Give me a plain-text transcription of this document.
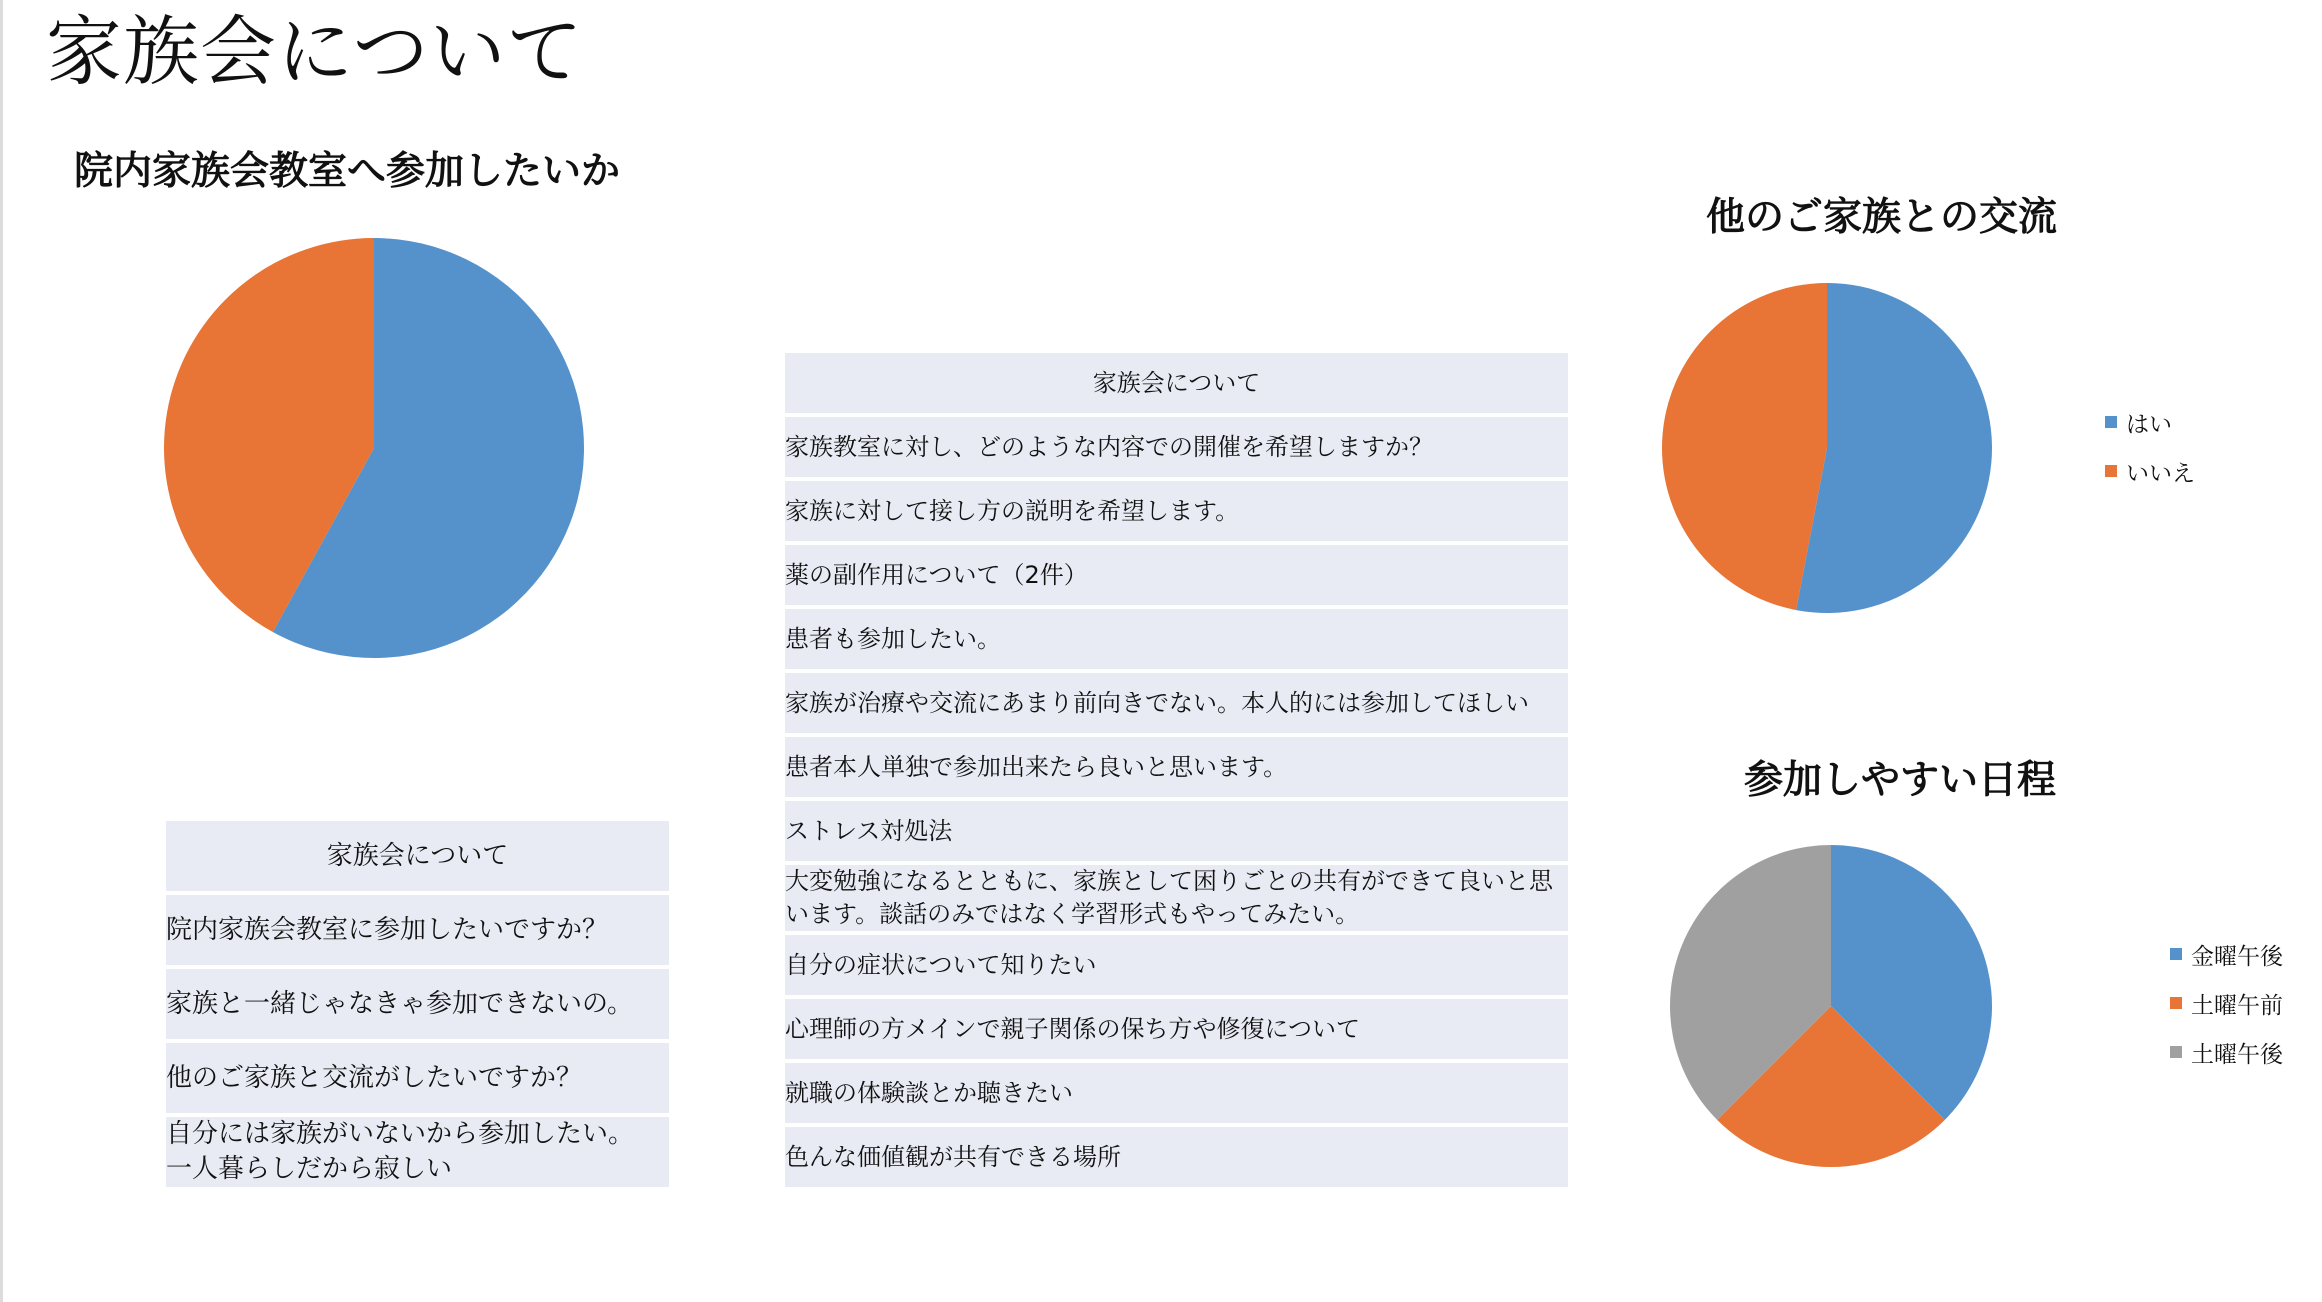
家族会について
院内家族会教室へ参加したいか
他のご家族との交流
はい
いいえ
参加しやすい日程
金曜午後
土曜午前
土曜午後
家族会について
院内家族会教室に参加したいですか？
家族と一緒じゃなきゃ参加できないの。
他のご家族と交流がしたいですか？

自分には家族がいないから参加したい。
一人暮らしだから寂しい
家族会について
家族教室に対し、どのような内容での開催を希望しますか？
家族に対して接し方の説明を希望します。
薬の副作用について（2件）
患者も参加したい。
家族が治療や交流にあまり前向きでない。本人的には参加してほしい
患者本人単独で参加出来たら良いと思います。
ストレス対処法

大変勉強になるとともに、家族として困りごとの共有ができて良いと思
います。談話のみではなく学習形式もやってみたい。

自分の症状について知りたい
心理師の方メインで親子関係の保ち方や修復について
就職の体験談とか聴きたい
色んな価値観が共有できる場所
